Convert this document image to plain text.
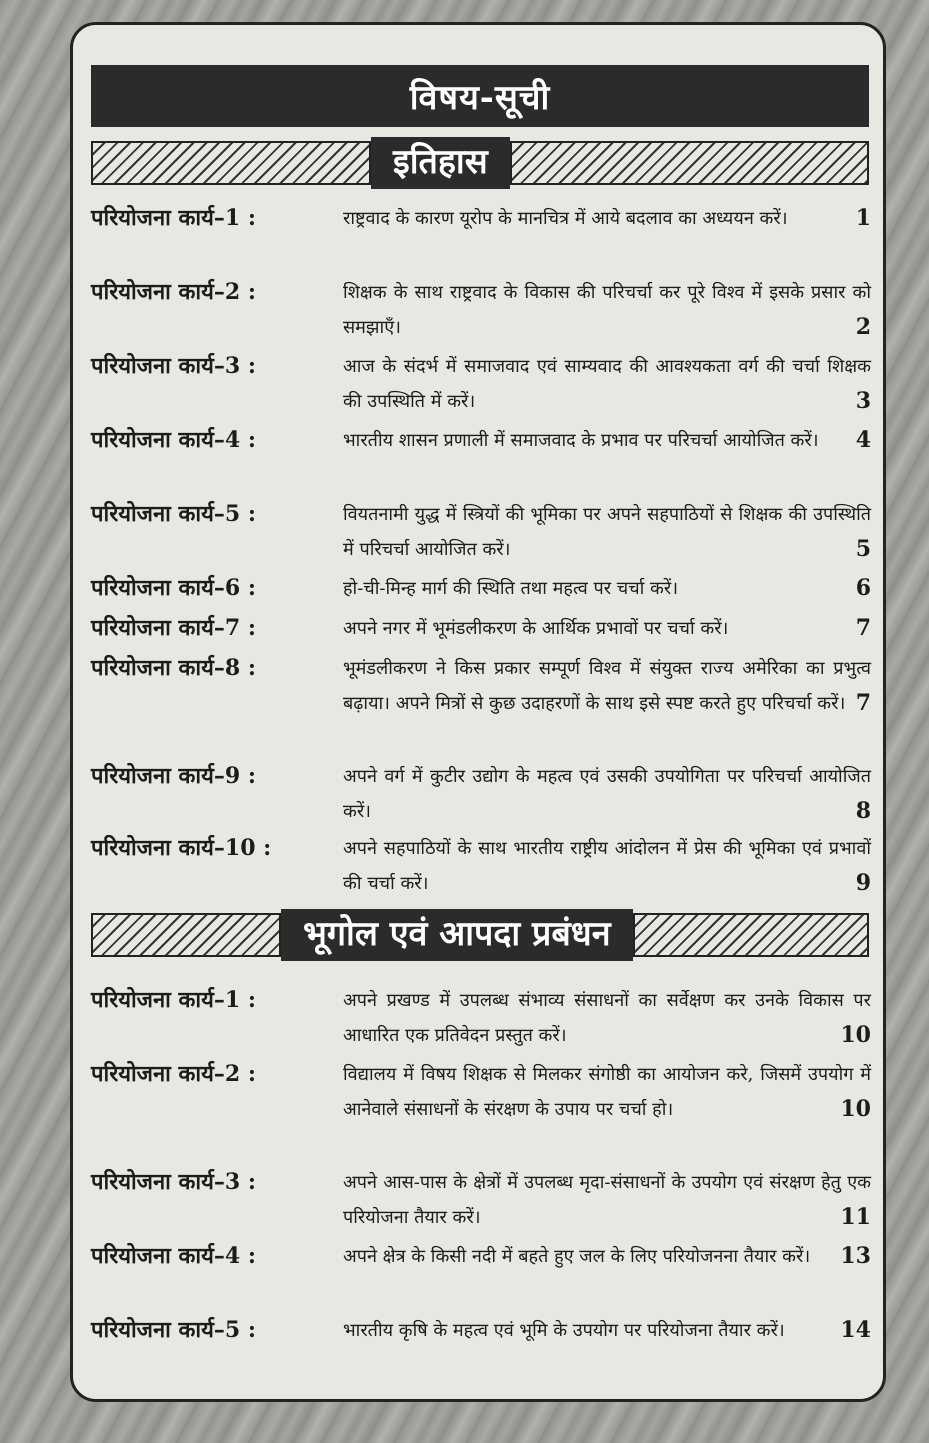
विषय-सूची
इतिहास
परियोजना कार्य–1 :	राष्ट्रवाद के कारण यूरोप के मानचित्र में आये बदलाव का अध्ययन करें।	1
परियोजना कार्य–2 :	शिक्षक के साथ राष्ट्रवाद के विकास की परिचर्चा कर पूरे विश्व में इसके प्रसार को समझाएँ।	2
परियोजना कार्य–3 :	आज के संदर्भ में समाजवाद एवं साम्यवाद की आवश्यकता वर्ग की चर्चा शिक्षक की उपस्थिति में करें।	3
परियोजना कार्य–4 :	भारतीय शासन प्रणाली में समाजवाद के प्रभाव पर परिचर्चा आयोजित करें। 4
परियोजना कार्य–5 :	वियतनामी युद्ध में स्त्रियों की भूमिका पर अपने सहपाठियों से शिक्षक की उपस्थिति में परिचर्चा आयोजित करें।	5
परियोजना कार्य–6 :	हो-ची-मिन्ह मार्ग की स्थिति तथा महत्व पर चर्चा करें।	6
परियोजना कार्य–7 :	अपने नगर में भूमंडलीकरण के आर्थिक प्रभावों पर चर्चा करें।	7
परियोजना कार्य–8 :	भूमंडलीकरण ने किस प्रकार सम्पूर्ण विश्व में संयुक्त राज्य अमेरिका का प्रभुत्व बढ़ाया। अपने मित्रों से कुछ उदाहरणों के साथ इसे स्पष्ट करते हुए परिचर्चा करें। 7
परियोजना कार्य–9 :	अपने वर्ग में कुटीर उद्योग के महत्व एवं उसकी उपयोगिता पर परिचर्चा आयोजित करें।	8
परियोजना कार्य–10 :	अपने सहपाठियों के साथ भारतीय राष्ट्रीय आंदोलन में प्रेस की भूमिका एवं प्रभावों की चर्चा करें।	9
भूगोल एवं आपदा प्रबंधन
परियोजना कार्य–1 :	अपने प्रखण्ड में उपलब्ध संभाव्य संसाधनों का सर्वेक्षण कर उनके विकास पर आधारित एक प्रतिवेदन प्रस्तुत करें।	10
परियोजना कार्य–2 :	विद्यालय में विषय शिक्षक से मिलकर संगोष्ठी का आयोजन करे, जिसमें उपयोग में आनेवाले संसाधनों के संरक्षण के उपाय पर चर्चा हो।	10
परियोजना कार्य–3 :	अपने आस-पास के क्षेत्रों में उपलब्ध मृदा-संसाधनों के उपयोग एवं संरक्षण हेतु एक परियोजना तैयार करें।	11
परियोजना कार्य–4 :	अपने क्षेत्र के किसी नदी में बहते हुए जल के लिए परियोजनना तैयार करें। 13
परियोजना कार्य–5 :	भारतीय कृषि के महत्व एवं भूमि के उपयोग पर परियोजना तैयार करें।	14
